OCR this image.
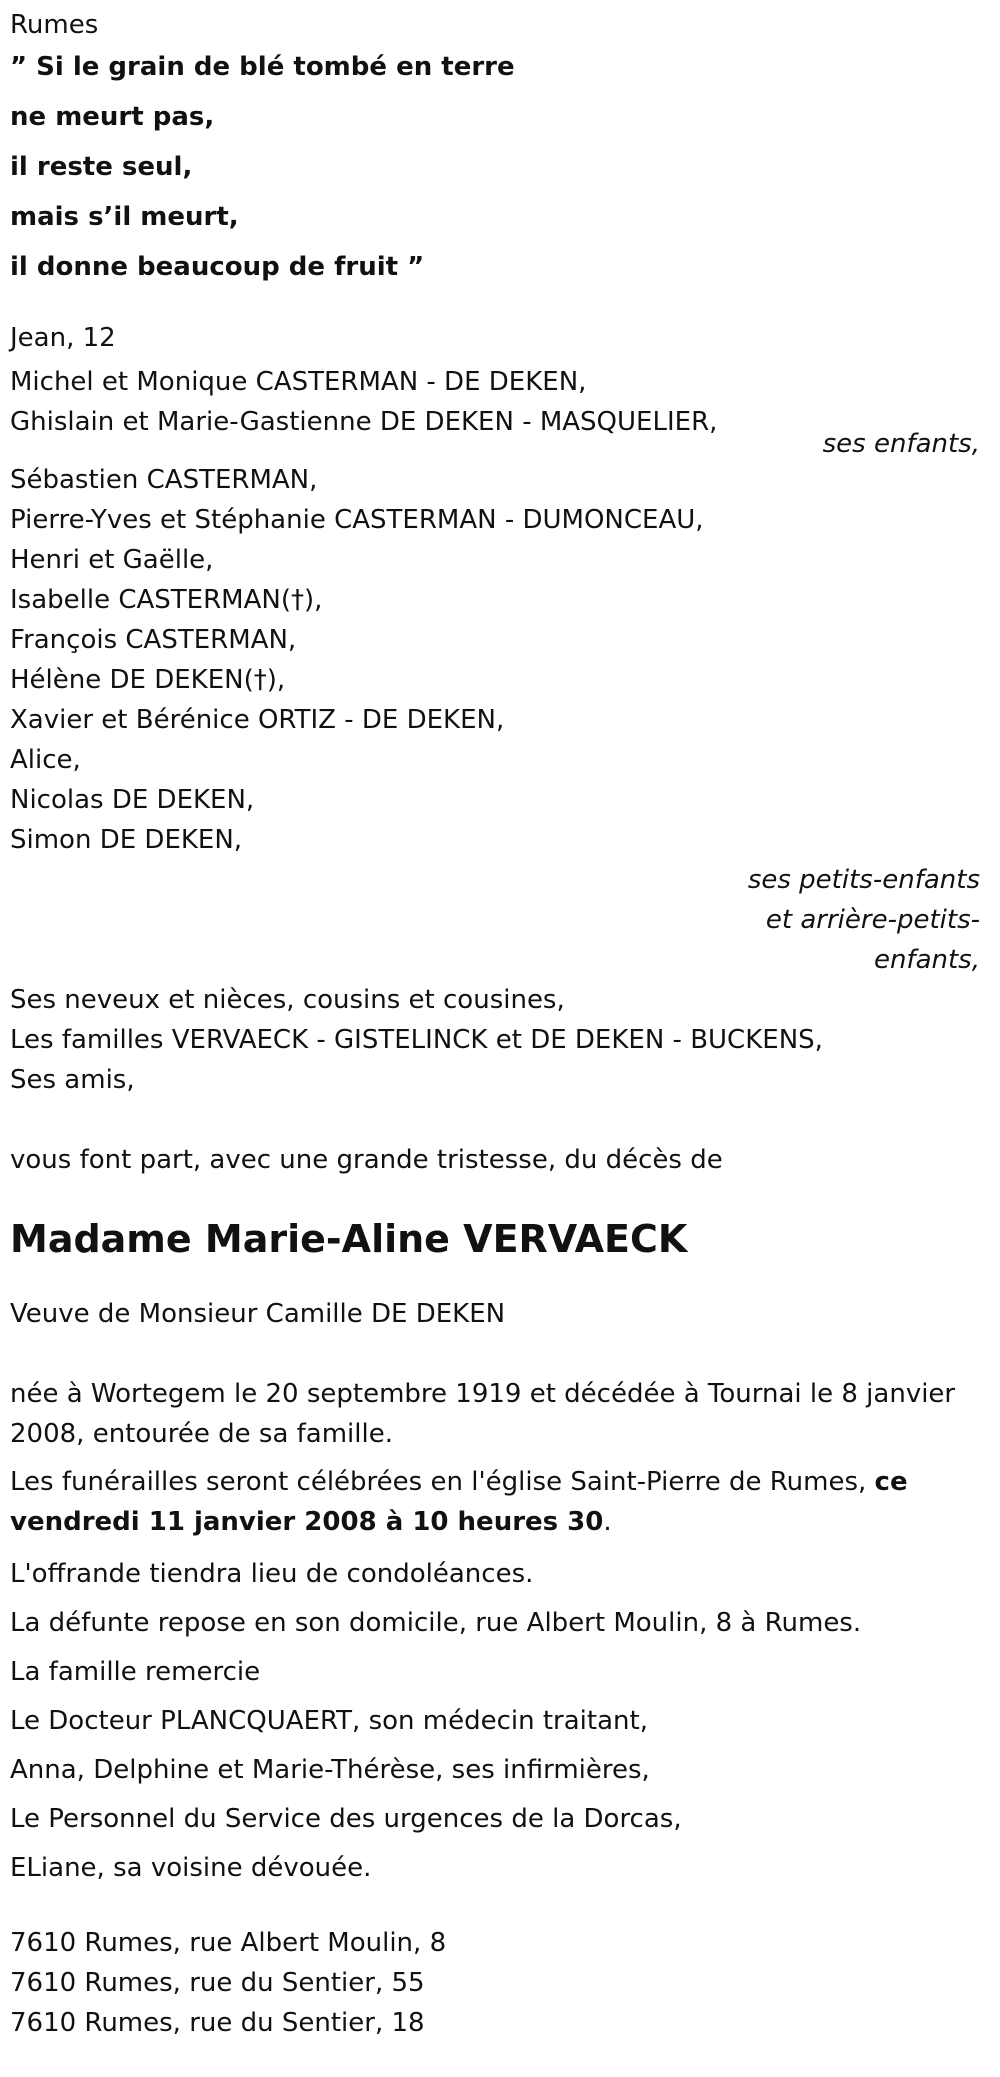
Rumes
” Si le grain de blé tombé en terre
ne meurt pas,
il reste seul,
mais s’il meurt,
il donne beaucoup de fruit ”
Jean, 12
Michel et Monique CASTERMAN - DE DEKEN,
Ghislain et Marie-Gastienne DE DEKEN - MASQUELIER,
ses enfants,
Sébastien CASTERMAN,
Pierre-Yves et Stéphanie CASTERMAN - DUMONCEAU,
Henri et Gaëlle,
Isabelle CASTERMAN(†),
François CASTERMAN,
Hélène DE DEKEN(†),
Xavier et Bérénice ORTIZ - DE DEKEN,
Alice,
Nicolas DE DEKEN,
Simon DE DEKEN,
ses petits-enfants
et arrière-petits-
enfants,
Ses neveux et nièces, cousins et cousines,
Les familles VERVAECK - GISTELINCK et DE DEKEN - BUCKENS,
Ses amis,
vous font part, avec une grande tristesse, du décès de
Madame Marie-Aline VERVAECK
Veuve de Monsieur Camille DE DEKEN
née à Wortegem le 20 septembre 1919 et décédée à Tournai le 8 janvier 2008, entourée de sa famille.
Les funérailles seront célébrées en l'église Saint-Pierre de Rumes, ce vendredi 11 janvier 2008 à 10 heures 30.
L'offrande tiendra lieu de condoléances.
La défunte repose en son domicile, rue Albert Moulin, 8 à Rumes.
La famille remercie
Le Docteur PLANCQUAERT, son médecin traitant,
Anna, Delphine et Marie-Thérèse, ses infirmières,
Le Personnel du Service des urgences de la Dorcas,
ELiane, sa voisine dévouée.
7610 Rumes, rue Albert Moulin, 8
7610 Rumes, rue du Sentier, 55
7610 Rumes, rue du Sentier, 18
